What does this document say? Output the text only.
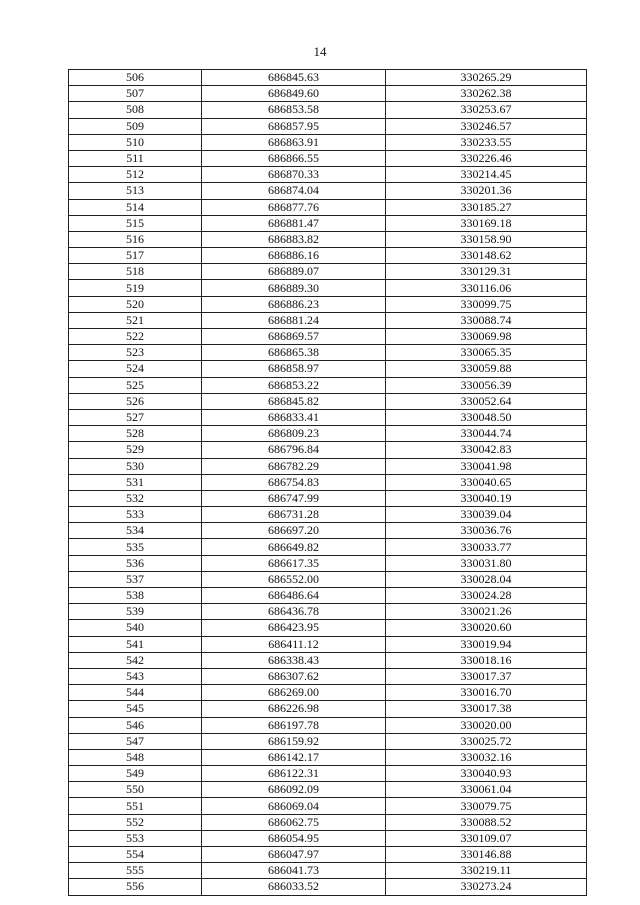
14
506	686845.63	330265.29
507	686849.60	330262.38
508	686853.58	330253.67
509	686857.95	330246.57
510	686863.91	330233.55
511	686866.55	330226.46
512	686870.33	330214.45
513	686874.04	330201.36
514	686877.76	330185.27
515	686881.47	330169.18
516	686883.82	330158.90
517	686886.16	330148.62
518	686889.07	330129.31
519	686889.30	330116.06
520	686886.23	330099.75
521	686881.24	330088.74
522	686869.57	330069.98
523	686865.38	330065.35
524	686858.97	330059.88
525	686853.22	330056.39
526	686845.82	330052.64
527	686833.41	330048.50
528	686809.23	330044.74
529	686796.84	330042.83
530	686782.29	330041.98
531	686754.83	330040.65
532	686747.99	330040.19
533	686731.28	330039.04
534	686697.20	330036.76
535	686649.82	330033.77
536	686617.35	330031.80
537	686552.00	330028.04
538	686486.64	330024.28
539	686436.78	330021.26
540	686423.95	330020.60
541	686411.12	330019.94
542	686338.43	330018.16
543	686307.62	330017.37
544	686269.00	330016.70
545	686226.98	330017.38
546	686197.78	330020.00
547	686159.92	330025.72
548	686142.17	330032.16
549	686122.31	330040.93
550	686092.09	330061.04
551	686069.04	330079.75
552	686062.75	330088.52
553	686054.95	330109.07
554	686047.97	330146.88
555	686041.73	330219.11
556	686033.52	330273.24
